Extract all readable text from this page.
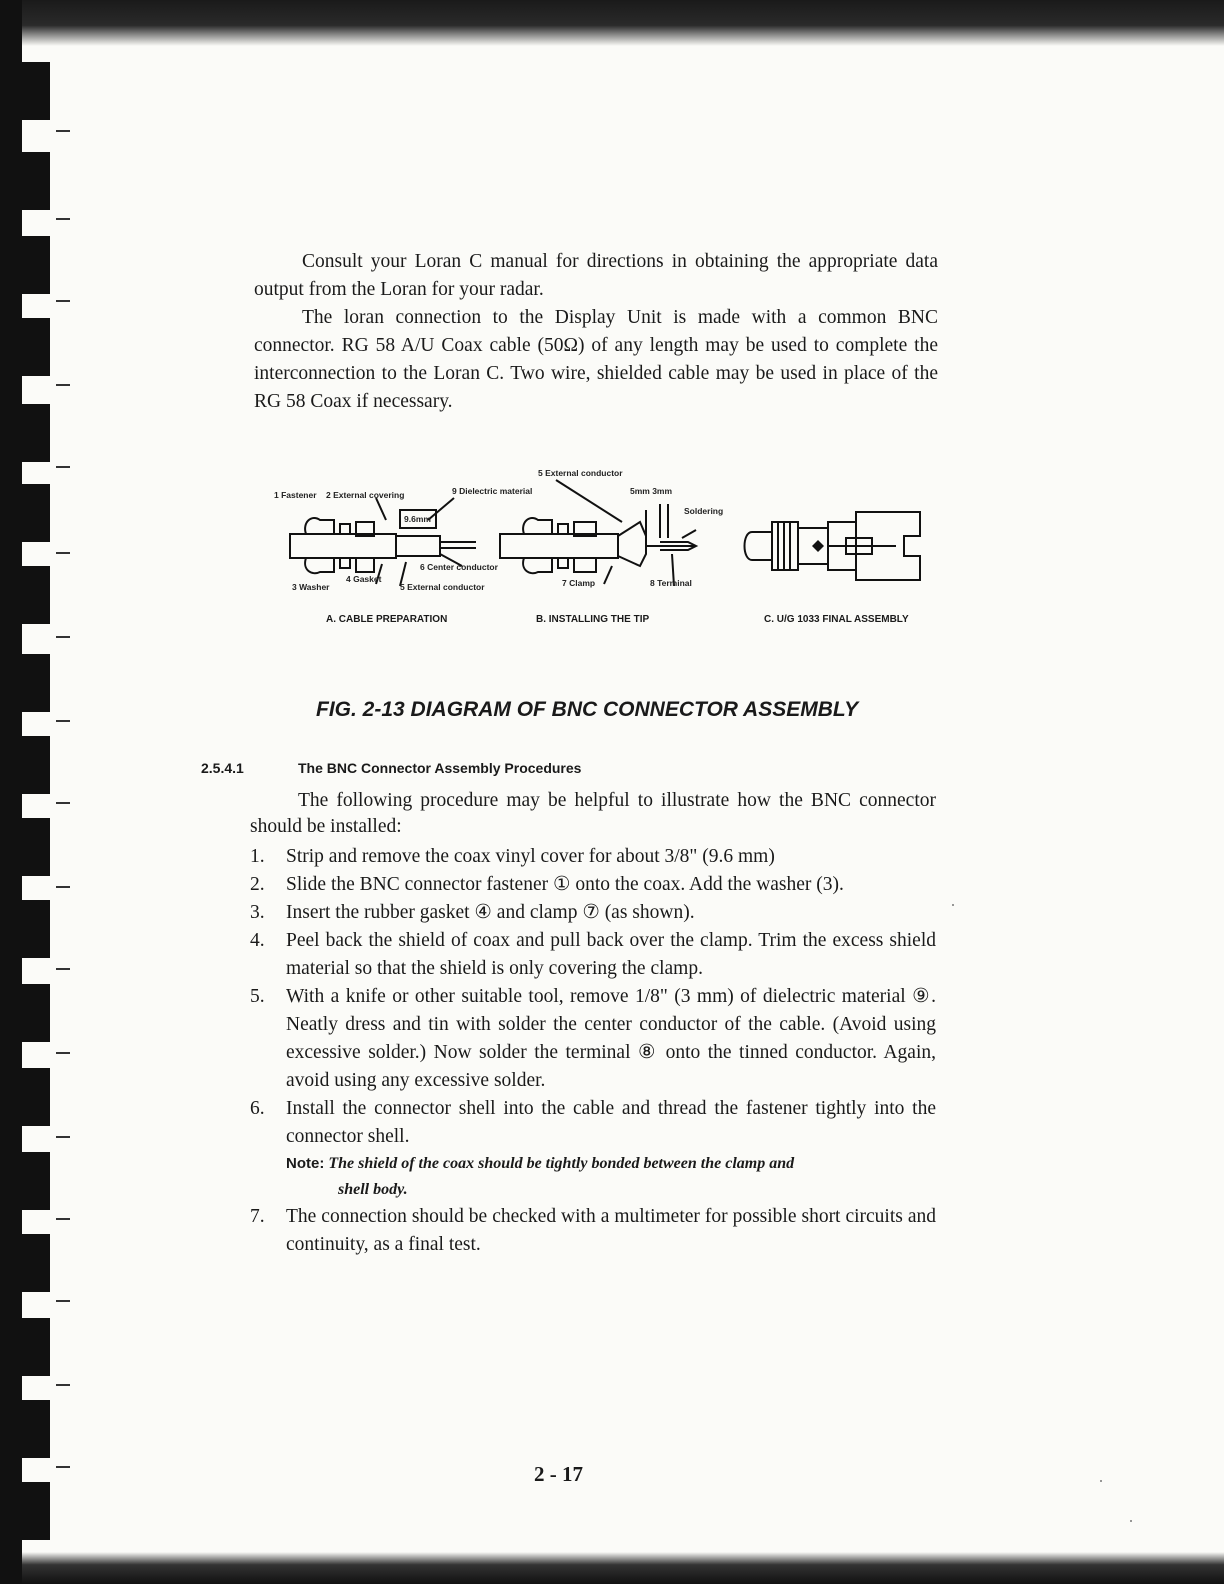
Consult your Loran C manual for directions in obtaining the appropriate data output from the Loran for your radar.

The loran connection to the Display Unit is made with a common BNC connector. RG 58 A/U Coax cable (50Ω) of any length may be used to complete the interconnection to the Loran C. Two wire, shielded cable may be used in place of the RG 58 Coax if necessary.

1 Fastener 2 External covering	9 Dielectric material
5 External conductor
5mm 3mm
Soldering
9.6mm
3 Washer
4 Gasket
6 Center conductor
5 External conductor	7 Clamp	8 Terminal
A. CABLE PREPARATION	B. INSTALLING THE TIP	C. U/G 1033 FINAL ASSEMBLY
FIG. 2-13 DIAGRAM OF BNC CONNECTOR ASSEMBLY
2.5.4.1	The BNC Connector Assembly Procedures
The following procedure may be helpful to illustrate how the BNC connector should be installed:
1. Strip and remove the coax vinyl cover for about 3/8" (9.6 mm)
2. Slide the BNC connector fastener ① onto the coax. Add the washer (3).
3. Insert the rubber gasket ④ and clamp ⑦ (as shown).
4. Peel back the shield of coax and pull back over the clamp. Trim the excess shield material so that the shield is only covering the clamp.
5. With a knife or other suitable tool, remove 1/8" (3 mm) of dielectric material ⑨. Neatly dress and tin with solder the center conductor of the cable. (Avoid using excessive solder.) Now solder the terminal ⑧ onto the tinned conductor. Again, avoid using any excessive solder.
6. Install the connector shell into the cable and thread the fastener tightly into the connector shell.
Note: The shield of the coax should be tightly bonded between the clamp and
shell body.
7. The connection should be checked with a multimeter for possible short circuits and continuity, as a final test.
2 - 17
